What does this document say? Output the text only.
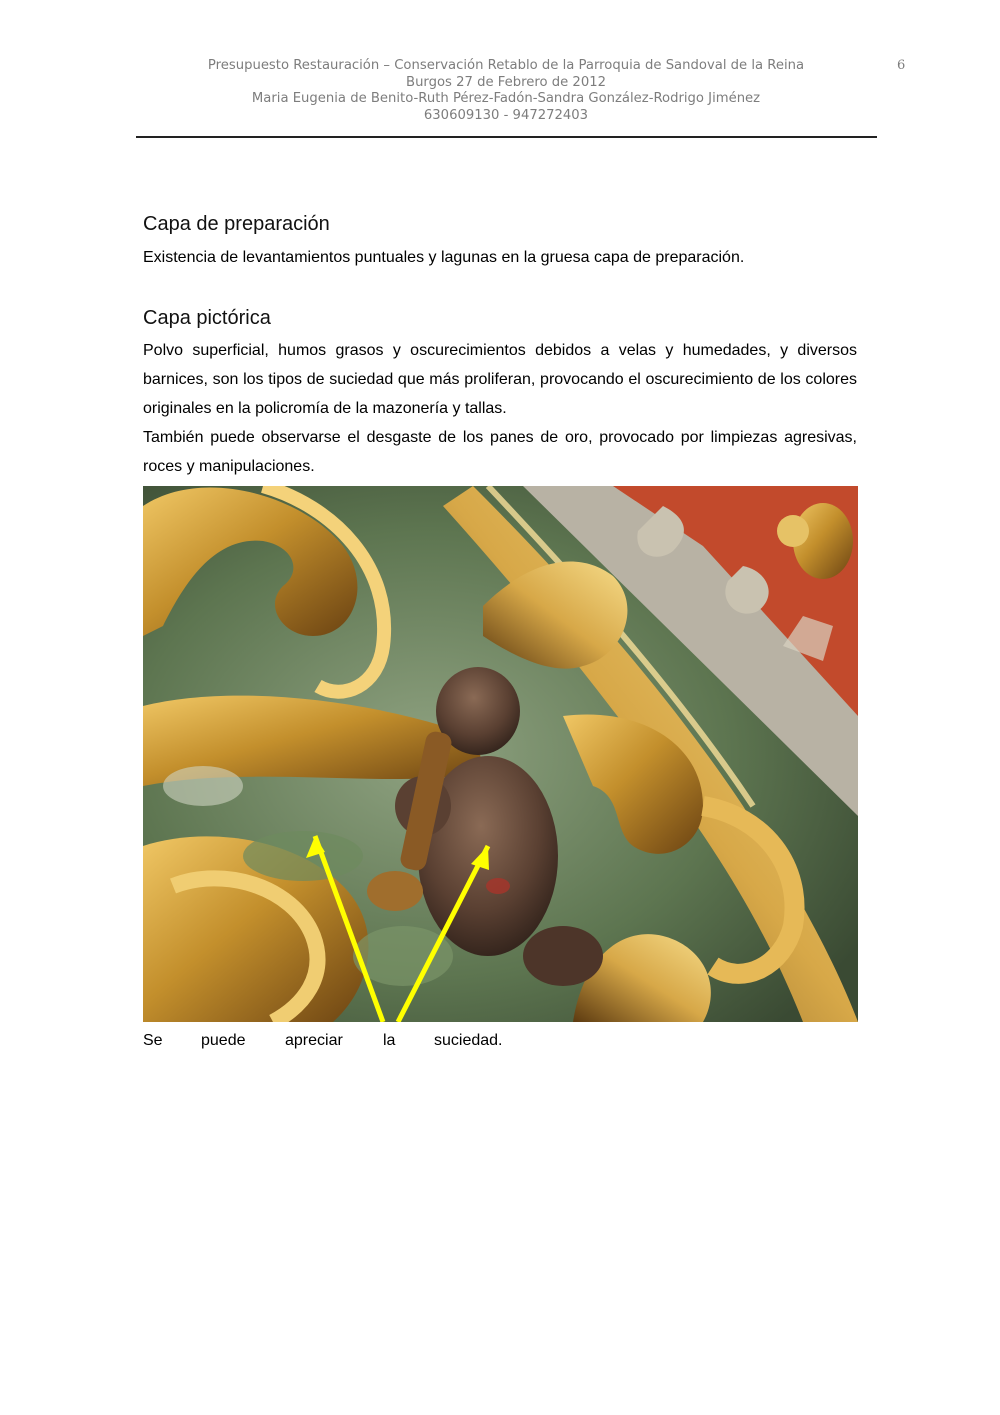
Presupuesto Restauración – Conservación Retablo de la Parroquia de Sandoval de la Reina
Burgos 27 de Febrero de 2012
Maria Eugenia de Benito-Ruth Pérez-Fadón-Sandra González-Rodrigo Jiménez
630609130 - 947272403
6
Capa de preparación

Existencia de levantamientos puntuales y lagunas en la gruesa capa de preparación.

Capa pictórica

Polvo superficial, humos grasos y oscurecimientos debidos a velas y humedades, y diversos barnices, son los tipos de suciedad que más proliferan, provocando el oscurecimiento de los colores originales en la policromía de la mazonería y tallas.

También puede observarse el desgaste de los panes de oro, provocado por limpiezas agresivas, roces y manipulaciones.

Se puede apreciar	la suciedad.
